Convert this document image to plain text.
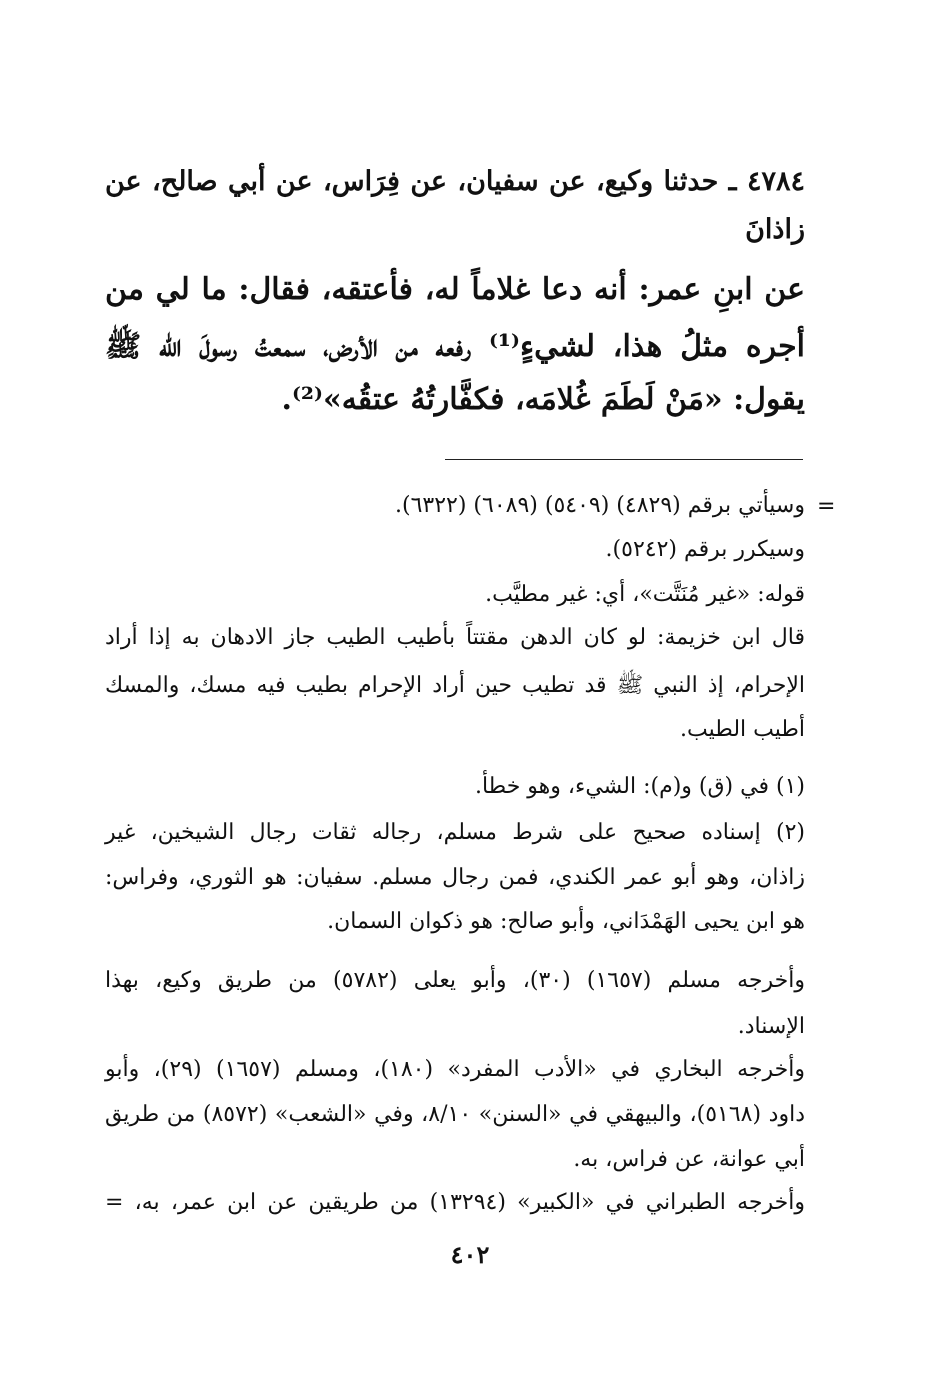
٤٧٨٤ ـ حدثنا وكيع، عن سفيان، عن فِرَاس، عن أبي صالح، عن
زاذانَ
عن ابنِ عمر: أنه دعا غلاماً له، فأعتقه، فقال: ما لي من
أجره مثلُ هذا، لشيءٍ⁽¹⁾ رفعه من الأرض، سمعتُ رسولَ الله ﷺ
يقول: «مَنْ لَطَمَ غُلامَه، فكفَّارتُهُ عتقُه»⁽²⁾.
=
وسيأتي برقم (٤٨٢٩) (٥٤٠٩) (٦٠٨٩) (٦٣٢٢).
وسيكرر برقم (٥٢٤٢).
قوله: «غير مُنَتَّت»، أي: غير مطيَّب.
قال ابن خزيمة: لو كان الدهن مقتتاً بأطيب الطيب جاز الادهان به إذا أراد
الإحرام، إذ النبي ﷺ قد تطيب حين أراد الإحرام بطيب فيه مسك، والمسك
أطيب الطيب.
(١) في (ق) و(م): الشيء، وهو خطأ.
(٢) إسناده صحيح على شرط مسلم، رجاله ثقات رجال الشيخين، غير
زاذان، وهو أبو عمر الكندي، فمن رجال مسلم. سفيان: هو الثوري، وفراس:
هو ابن يحيى الهَمْدَاني، وأبو صالح: هو ذكوان السمان.
وأخرجه مسلم (١٦٥٧) (٣٠)، وأبو يعلى (٥٧٨٢) من طريق وكيع، بهذا
الإسناد.
وأخرجه البخاري في «الأدب المفرد» (١٨٠)، ومسلم (١٦٥٧) (٢٩)، وأبو
داود (٥١٦٨)، والبيهقي في «السنن» ٨/١٠، وفي «الشعب» (٨٥٧٢) من طريق
أبي عوانة، عن فراس، به.
وأخرجه الطبراني في «الكبير» (١٣٢٩٤) من طريقين عن ابن عمر، به، =
٤٠٢
